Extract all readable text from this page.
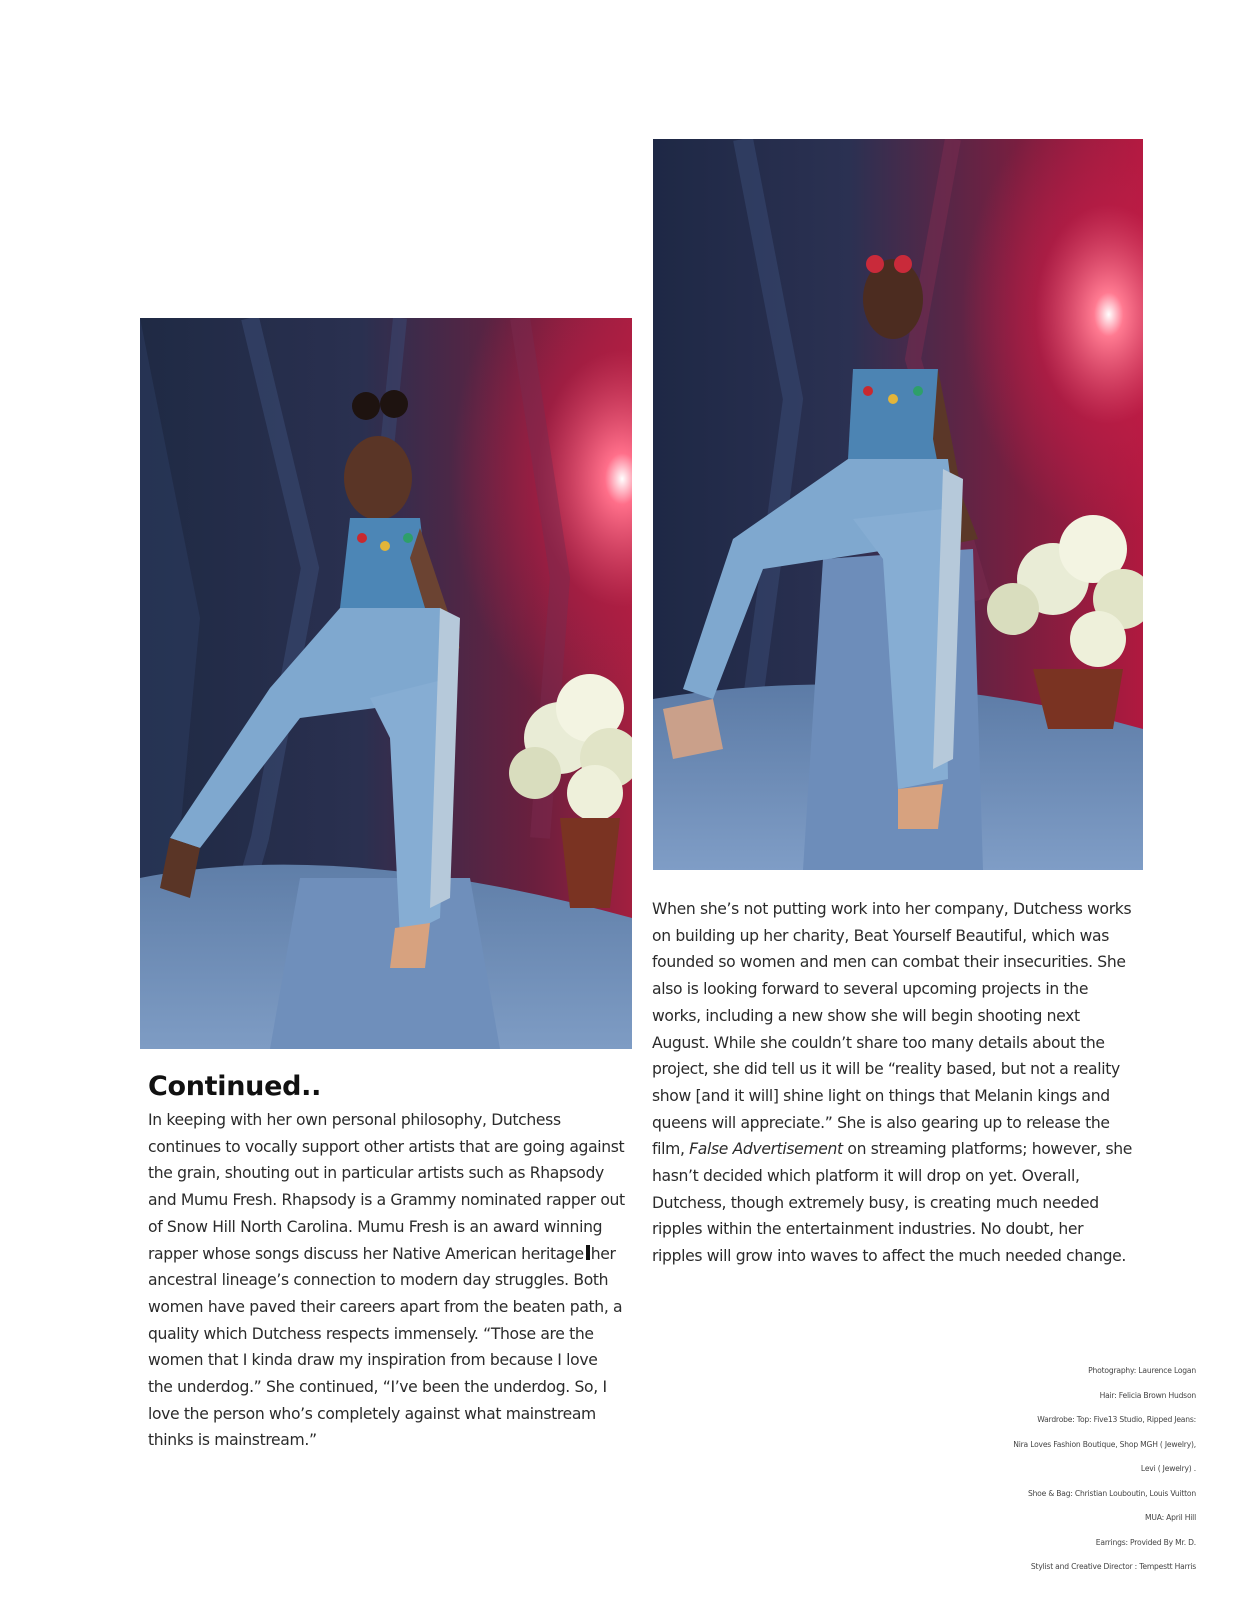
Continued..

In keeping with her own personal philosophy, Dutchess continues to vocally support other artists that are going against the grain, shouting out in particular artists such as Rhapsody and Mumu Fresh. Rhapsody is a Grammy nominated rapper out of Snow Hill North Carolina. Mumu Fresh is an award winning rapper whose songs discuss her Native American heritage her ancestral lineage’s connection to modern day struggles. Both women have paved their careers apart from the beaten path, a quality which Dutchess respects immensely. “Those are the women that I kinda draw my inspiration from because I love the underdog.” She continued, “I’ve been the underdog. So, I love the person who’s completely against what mainstream thinks is mainstream.”

When she’s not putting work into her company, Dutchess works on building up her charity, Beat Yourself Beautiful, which was founded so women and men can combat their insecurities. She also is looking forward to several upcoming projects in the works, including a new show she will begin shooting next August. While she couldn’t share too many details about the project, she did tell us it will be “reality based, but not a reality show [and it will] shine light on things that Melanin kings and queens will appreciate.” She is also gearing up to release the film, False Advertisement on streaming platforms; however, she hasn’t decided which platform it will drop on yet. Overall, Dutchess, though extremely busy, is creating much needed ripples within the entertainment industries. No doubt, her ripples will grow into waves to affect the much needed change.

Photography: Laurence Logan
Hair: Felicia Brown Hudson
Wardrobe: Top: Five13 Studio, Ripped Jeans:
Nira Loves Fashion Boutique, Shop MGH ( Jewelry),
Levi ( Jewelry) .
Shoe & Bag: Christian Louboutin, Louis Vuitton
MUA: April Hill
Earrings: Provided By Mr. D.
Stylist and Creative Director : Tempestt Harris
